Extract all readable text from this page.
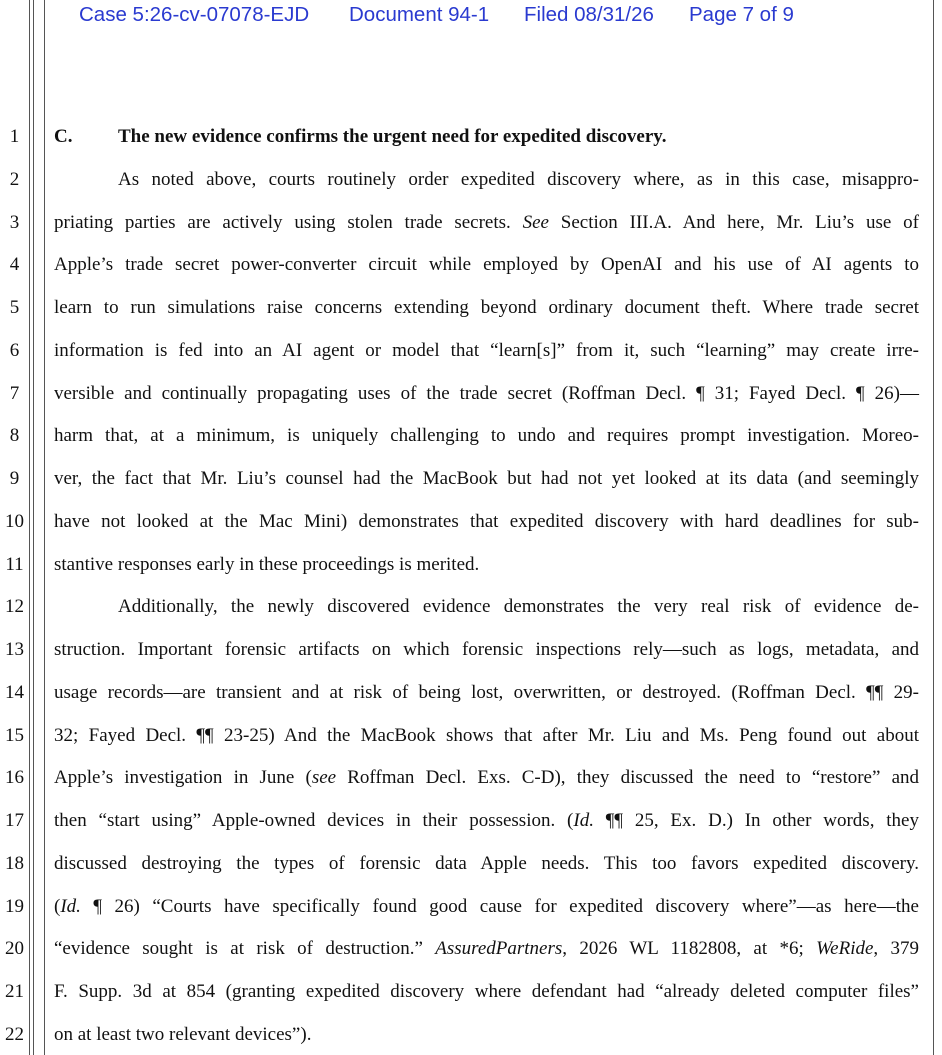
Case 5:26-cv-07078-EJD Document 94-1 Filed 08/31/26 Page 7 of 9
1
2
3
4
5
6
7
8
9
10
11
12
13
14
15
16
17
18
19
20
21
22
C. The new evidence confirms the urgent need for expedited discovery.
As noted above, courts routinely order expedited discovery where, as in this case, misappro-
priating parties are actively using stolen trade secrets. See Section III.A. And here, Mr. Liu’s use of
Apple’s trade secret power-converter circuit while employed by OpenAI and his use of AI agents to
learn to run simulations raise concerns extending beyond ordinary document theft. Where trade secret
information is fed into an AI agent or model that “learn[s]” from it, such “learning” may create irre-
versible and continually propagating uses of the trade secret (Roffman Decl. ¶ 31; Fayed Decl. ¶ 26)—
harm that, at a minimum, is uniquely challenging to undo and requires prompt investigation. Moreo-
ver, the fact that Mr. Liu’s counsel had the MacBook but had not yet looked at its data (and seemingly
have not looked at the Mac Mini) demonstrates that expedited discovery with hard deadlines for sub-
stantive responses early in these proceedings is merited.
Additionally, the newly discovered evidence demonstrates the very real risk of evidence de-
struction. Important forensic artifacts on which forensic inspections rely—such as logs, metadata, and
usage records—are transient and at risk of being lost, overwritten, or destroyed. (Roffman Decl. ¶¶ 29-
32; Fayed Decl. ¶¶ 23-25) And the MacBook shows that after Mr. Liu and Ms. Peng found out about
Apple’s investigation in June (see Roffman Decl. Exs. C-D), they discussed the need to “restore” and
then “start using” Apple-owned devices in their possession. (Id. ¶¶ 25, Ex. D.) In other words, they
discussed destroying the types of forensic data Apple needs. This too favors expedited discovery.
(Id. ¶ 26) “Courts have specifically found good cause for expedited discovery where”—as here—the
“evidence sought is at risk of destruction.” AssuredPartners, 2026 WL 1182808, at *6; WeRide, 379
F. Supp. 3d at 854 (granting expedited discovery where defendant had “already deleted computer files”
on at least two relevant devices”).
